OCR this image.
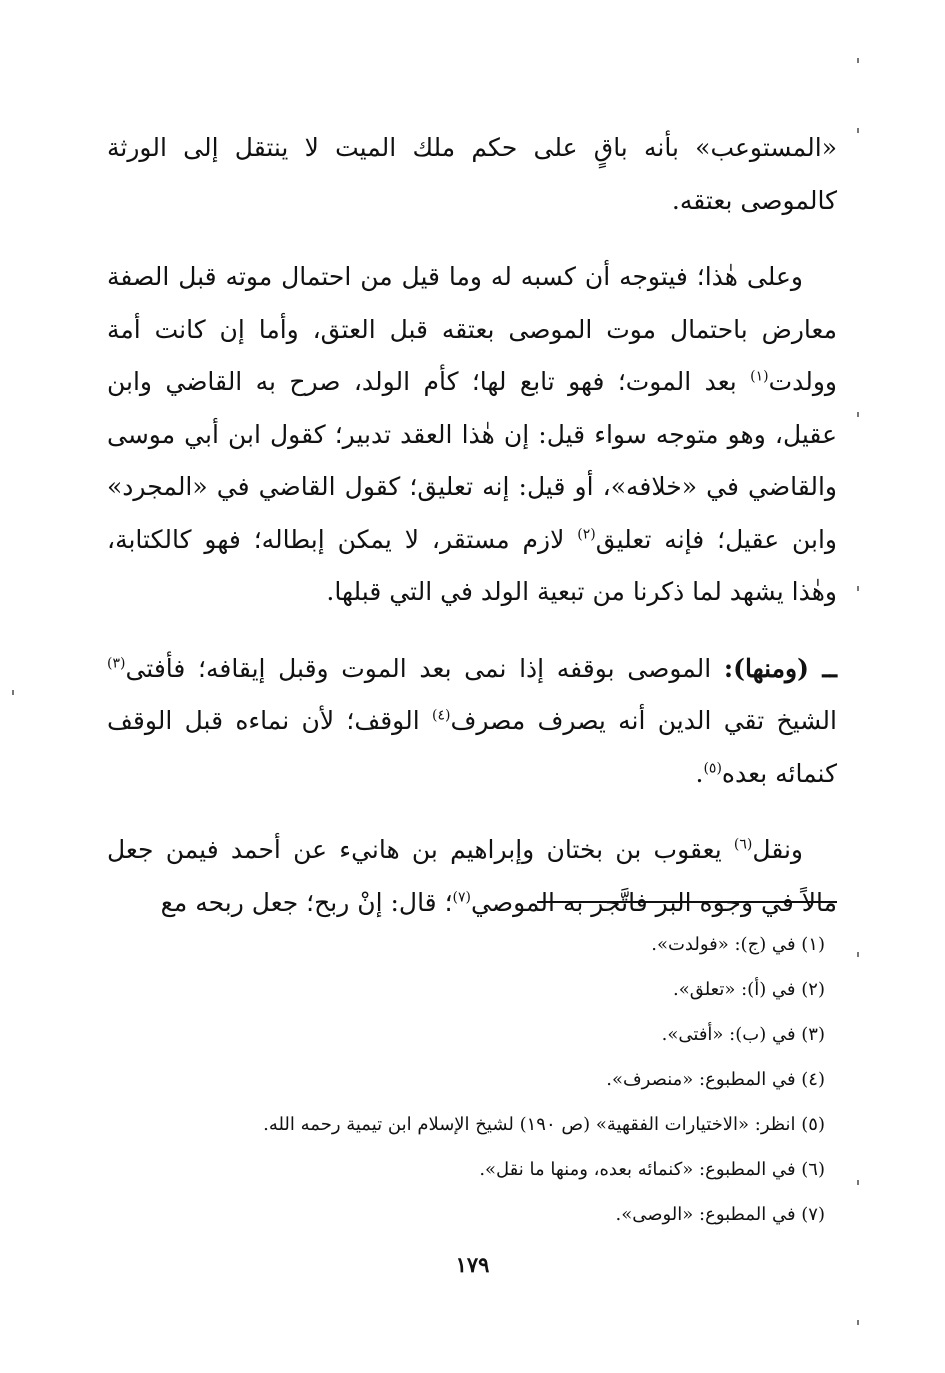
«المستوعب» بأنه باقٍ على حكم ملك الميت لا ينتقل إلى الورثة كالموصى بعتقه.

وعلى هٰذا؛ فيتوجه أن كسبه له وما قيل من احتمال موته قبل الصفة معارض باحتمال موت الموصى بعتقه قبل العتق، وأما إن كانت أمة وولدت$^{(١)}$ بعد الموت؛ فهو تابع لها؛ كأم الولد، صرح به القاضي وابن عقيل، وهو متوجه سواء قيل: إن هٰذا العقد تدبير؛ كقول ابن أبي موسى والقاضي في «خلافه»، أو قيل: إنه تعليق؛ كقول القاضي في «المجرد» وابن عقيل؛ فإنه تعليق$^{(٢)}$ لازم مستقر، لا يمكن إبطاله؛ فهو كالكتابة، وهٰذا يشهد لما ذكرنا من تبعية الولد في التي قبلها.

ــ (ومنها): الموصى بوقفه إذا نمى بعد الموت وقبل إيقافه؛ فأفتى$^{(٣)}$ الشيخ تقي الدين أنه يصرف مصرف$^{(٤)}$ الوقف؛ لأن نماءه قبل الوقف كنمائه بعده$^{(٥)}$.

ونقل$^{(٦)}$ يعقوب بن بختان وإبراهيم بن هانيء عن أحمد فيمن جعل مالاً في وجوه البر فاتَّجر به الموصي$^{(٧)}$؛ قال: إنْ ربح؛ جعل ربحه مع

(١) في (ج): «فولدت».
(٢) في (أ): «تعلق».
(٣) في (ب): «أفتى».
(٤) في المطبوع: «منصرف».
(٥) انظر: «الاختيارات الفقهية» (ص ١٩٠) لشيخ الإسلام ابن تيمية رحمه الله.
(٦) في المطبوع: «كنمائه بعده، ومنها ما نقل».
(٧) في المطبوع: «الوصى».
١٧٩
